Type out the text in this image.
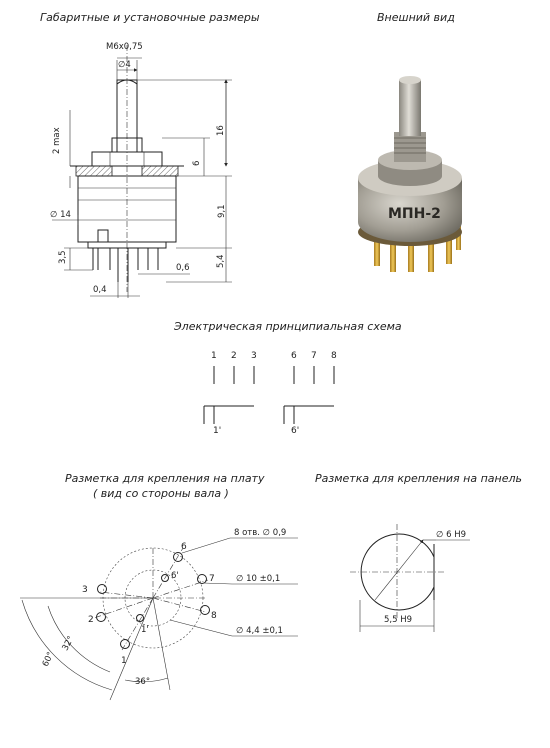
Габаритные и установочные размеры	Внешний вид
Электрическая принципиальная схема
Разметка для крепления на плату
( вид со стороны вала )
Разметка для крепления на панель
М6х0,75
∅4
16
6
2 max
∅ 14	9,1
5,4
3,5
0,6
0,4
МПН-2
1 2 3	6 7 8
1'	6'
6
7
8
3
2
1
6'
1'
8 отв. ∅ 0,9
∅ 10 ±0,1
∅ 4,4 ±0,1
60°
32°
36°
∅ 6 H9
5,5 H9
